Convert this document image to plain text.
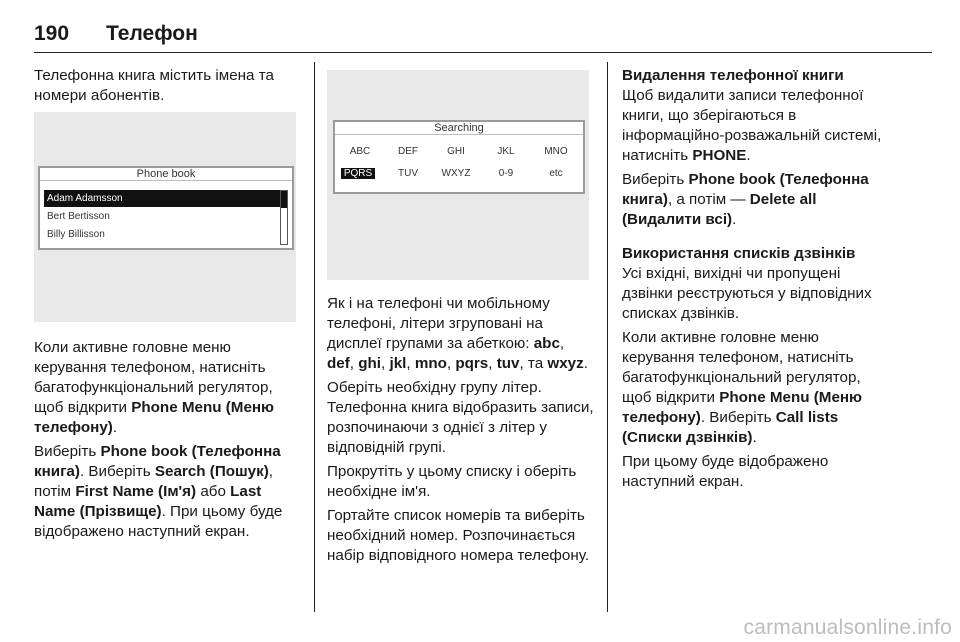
190 Телефон

Телефонна книга містить імена та номери абонентів.

Phone book
Adam Adamsson
Bert Bertisson
Billy Billisson

Коли активне головне меню керування телефоном, натисніть багатофункціональний регулятор, щоб відкрити Phone Menu (Меню телефону).

Виберіть Phone book (Телефонна книга). Виберіть Search (Пошук), потім First Name (Ім'я) або Last Name (Прізвище). При цьому буде відображено наступний екран.

Searching
ABC	DEF	GHI	JKL	MNO
PQRS	TUV	WXYZ	0-9	etc

Як і на телефоні чи мобільному телефоні, літери згруповані на дисплеї групами за абеткою: abc, def, ghi, jkl, mno, pqrs, tuv, та wxyz.

Оберіть необхідну групу літер. Телефонна книга відобразить записи, розпочинаючи з однієї з літер у відповідній групі.

Прокрутіть у цьому списку і оберіть необхідне ім'я.

Гортайте список номерів та виберіть необхідний номер. Розпочинається набір відповідного номера телефону.

Видалення телефонної книги

Щоб видалити записи телефонної книги, що зберігаються в інформаційно-розважальній системі, натисніть PHONE.

Виберіть Phone book (Телефонна книга), а потім — Delete all (Видалити всі).

Використання списків дзвінків

Усі вхідні, вихідні чи пропущені дзвінки реєструються у відповідних списках дзвінків.

Коли активне головне меню керування телефоном, натисніть багатофункціональний регулятор, щоб відкрити Phone Menu (Меню телефону). Виберіть Call lists (Списки дзвінків).

При цьому буде відображено наступний екран.

carmanualsonline.info
